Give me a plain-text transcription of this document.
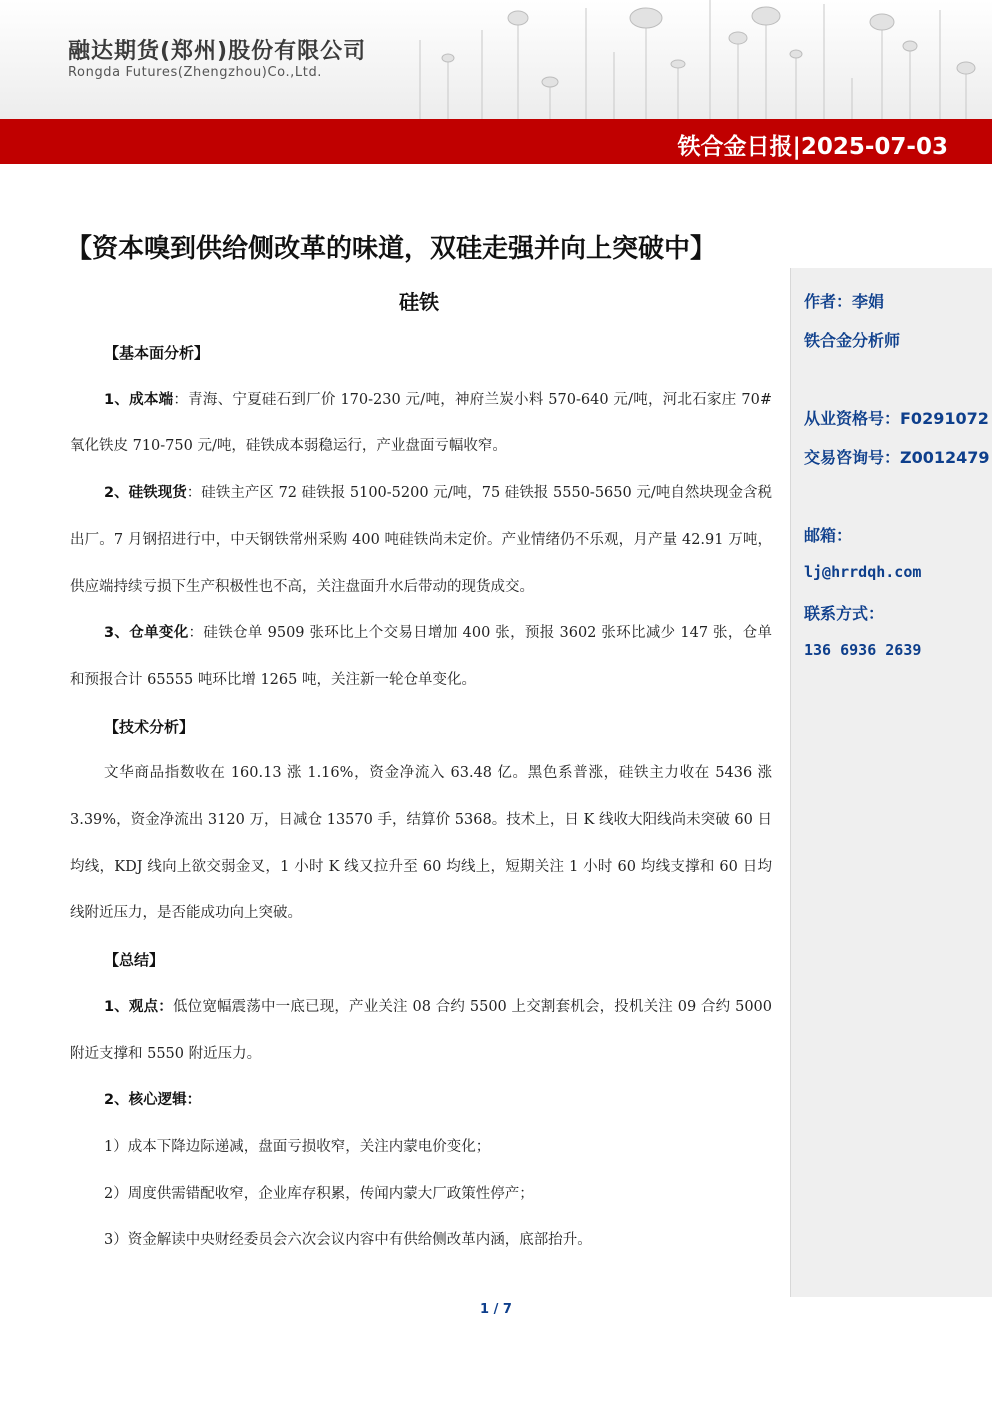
融达期货(郑州)股份有限公司
Rongda Futures(Zhengzhou)Co.,Ltd.
铁合金日报|2025-07-03
【资本嗅到供给侧改革的味道，双硅走强并向上突破中】
硅铁	作者：李娟
铁合金分析师
从业资格号：F0291072
交易咨询号：Z0012479
邮箱：
lj@hrrdqh.com
联系方式：
136 6936 2639

【基本面分析】

1、成本端：青海、宁夏硅石到厂价 170-230 元/吨，神府兰炭小料 570-640 元/吨，河北石家庄 70#氧化铁皮 710-750 元/吨，硅铁成本弱稳运行，产业盘面亏幅收窄。

2、硅铁现货：硅铁主产区 72 硅铁报 5100-5200 元/吨，75 硅铁报 5550-5650 元/吨自然块现金含税出厂。7 月钢招进行中，中天钢铁常州采购 400 吨硅铁尚未定价。产业情绪仍不乐观，月产量 42.91 万吨，供应端持续亏损下生产积极性也不高，关注盘面升水后带动的现货成交。

3、仓单变化：硅铁仓单 9509 张环比上个交易日增加 400 张，预报 3602 张环比减少 147 张，仓单和预报合计 65555 吨环比增 1265 吨，关注新一轮仓单变化。

【技术分析】

文华商品指数收在 160.13 涨 1.16%，资金净流入 63.48 亿。黑色系普涨，硅铁主力收在 5436 涨 3.39%，资金净流出 3120 万，日减仓 13570 手，结算价 5368。技术上，日 K 线收大阳线尚未突破 60 日均线，KDJ 线向上欲交弱金叉，1 小时 K 线又拉升至 60 均线上，短期关注 1 小时 60 均线支撑和 60 日均线附近压力，是否能成功向上突破。

【总结】

1、观点：低位宽幅震荡中一底已现，产业关注 08 合约 5500 上交割套机会，投机关注 09 合约 5000 附近支撑和 5550 附近压力。

2、核心逻辑：

1）成本下降边际递减，盘面亏损收窄，关注内蒙电价变化；

2）周度供需错配收窄，企业库存积累，传闻内蒙大厂政策性停产；

3）资金解读中央财经委员会六次会议内容中有供给侧改革内涵，底部抬升。

1 / 7
